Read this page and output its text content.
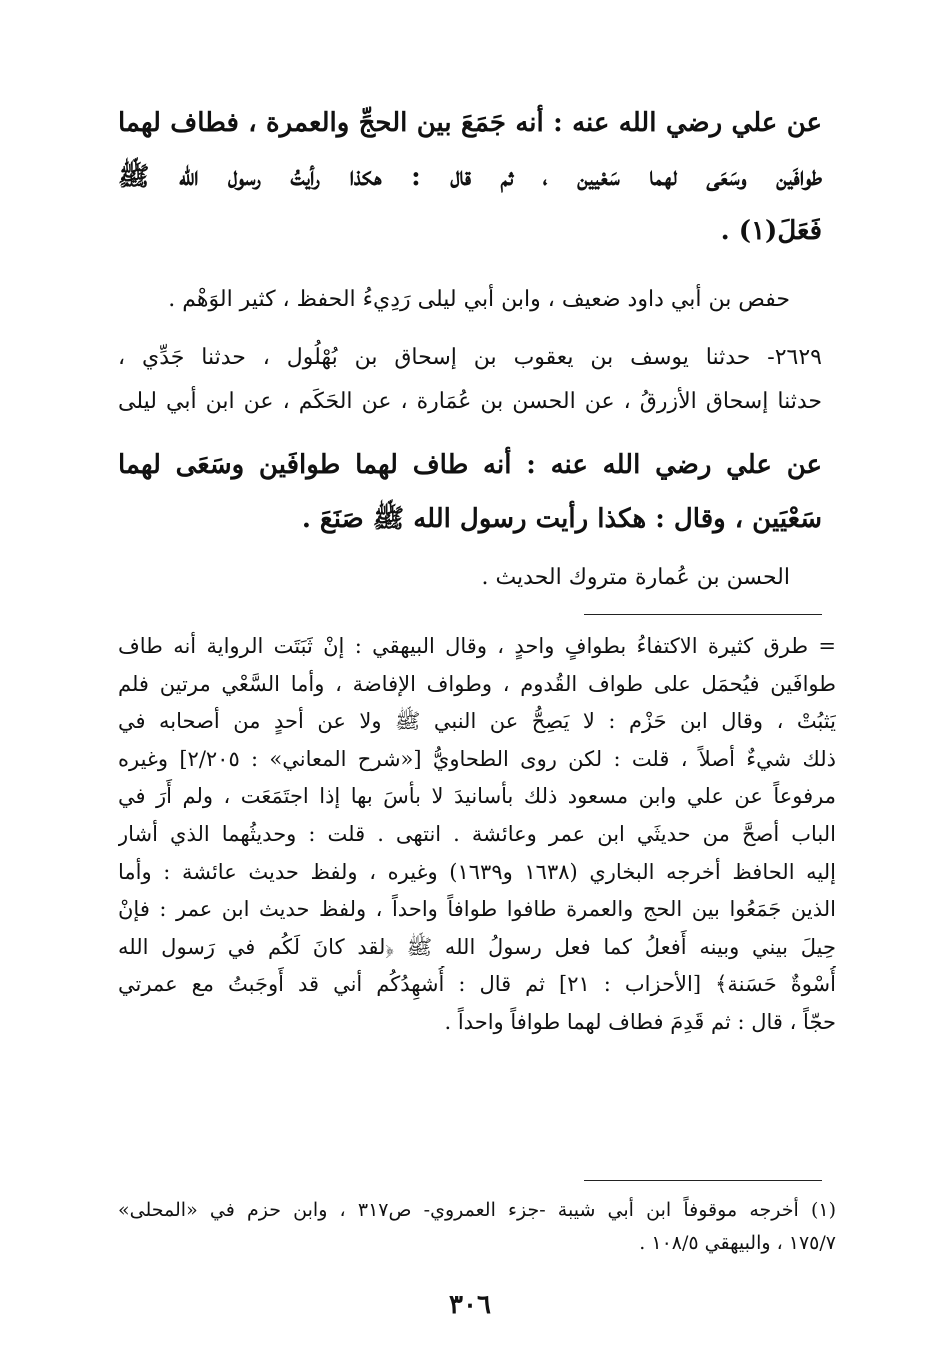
عن علي رضي الله عنه : أنه جَمَعَ بين الحجِّ والعمرة ، فطاف لهما
طوافَين وسَعَى لهما سَعْيين ، ثم قال : هكذا رأيتُ رسول الله ﷺ
فَعَلَ(١) .
حفص بن أبي داود ضعيف ، وابن أبي ليلى رَدِيءُ الحفظ ، كثير الوَهْم .
٢٦٢٩- حدثنا يوسف بن يعقوب بن إسحاق بن بُهْلُول ، حدثنا جَدِّي ،
حدثنا إسحاق الأزرقُ ، عن الحسن بن عُمَارة ، عن الحَكَم ، عن ابن أبي ليلى
عن علي رضي الله عنه : أنه طاف لهما طوافَين وسَعَى لهما
سَعْيَين ، وقال : هكذا رأيت رسول الله ﷺ صَنَعَ .
الحسن بن عُمارة متروك الحديث .
= طرق كثيرة الاكتفاءُ بطوافٍ واحدٍ ، وقال البيهقي : إنْ ثَبَتَت الرواية أنه طاف
طوافَين فيُحمَل على طواف القُدوم ، وطواف الإفاضة ، وأما السَّعْي مرتين فلم
يَثبُتْ ، وقال ابن حَزْم : لا يَصِحُّ عن النبي ﷺ ولا عن أحدٍ من أصحابه في
ذلك شيءٌ أصلاً ، قلت : لكن روى الطحاويُّ [«شرح المعاني» : ٢/٢٠٥] وغيره
مرفوعاً عن علي وابن مسعود ذلك بأسانيدَ لا بأسَ بها إذا اجتَمَعَت ، ولم أَرَ في
الباب أصحَّ من حديثَي ابن عمر وعائشة . انتهى . قلت : وحديثُهما الذي أشار
إليه الحافظ أخرجه البخاري (١٦٣٨ و١٦٣٩) وغيره ، ولفظ حديث عائشة : وأما
الذين جَمَعُوا بين الحج والعمرة طافوا طوافاً واحداً ، ولفظ حديث ابن عمر : فإنْ
حِيلَ بيني وبينه أَفعلُ كما فعل رسولُ الله ﷺ ﴿لقد كانَ لَكُم في رَسول الله
أُسْوةٌ حَسَنة﴾ [الأحزاب : ٢١] ثم قال : أُشهِدُكُم أني قد أَوجَبتُ مع عمرتي
حجّاً ، قال : ثم قَدِمَ فطاف لهما طوافاً واحداً .
(١) أخرجه موقوفاً ابن أبي شيبة -جزء العمروي- ص٣١٧ ، وابن حزم في «المحلى»
١٧٥/٧ ، والبيهقي ١٠٨/٥ .
٣٠٦
